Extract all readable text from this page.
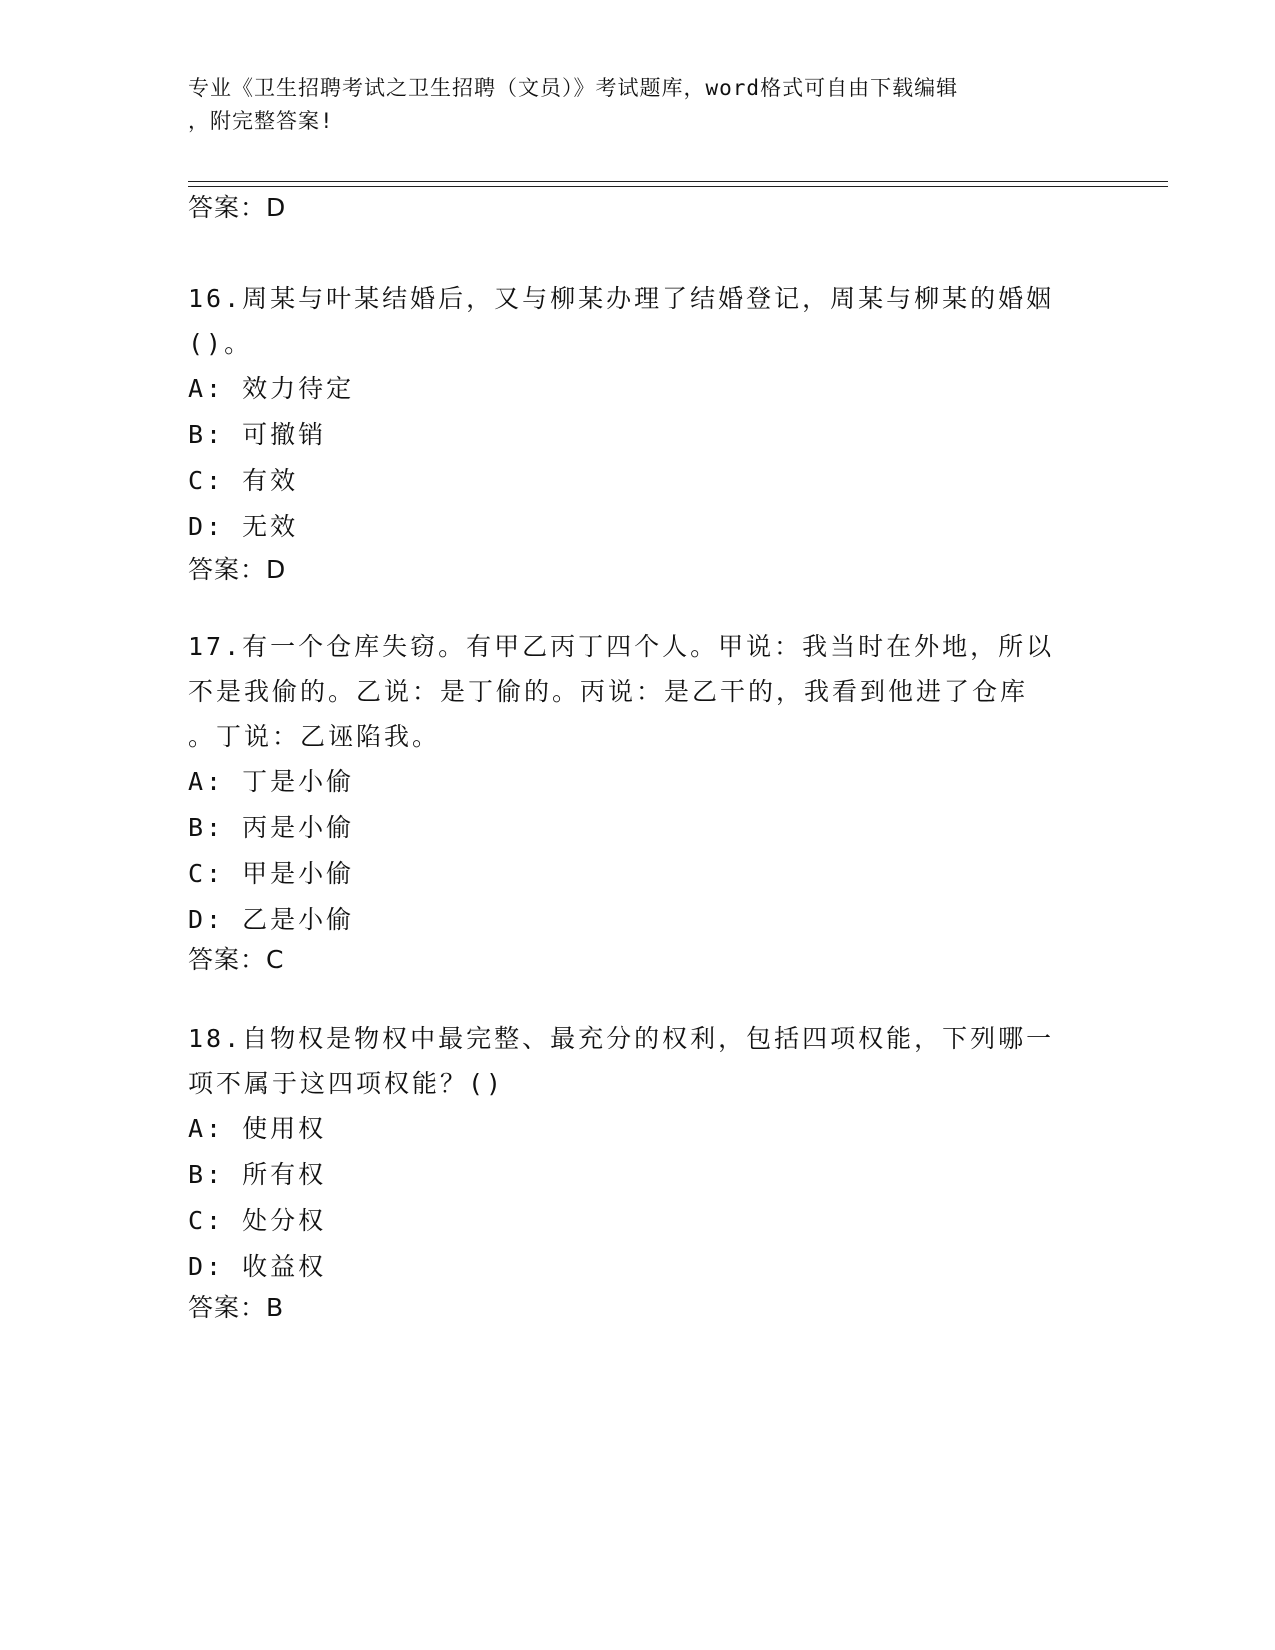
专业《卫生招聘考试之卫生招聘（文员）》考试题库，word格式可自由下载编辑
，附完整答案!
答案：D
16.周某与叶某结婚后，又与柳某办理了结婚登记，周某与柳某的婚姻
()。
A: 效力待定
B: 可撤销
C: 有效
D: 无效
答案：D
17.有一个仓库失窃。有甲乙丙丁四个人。甲说：我当时在外地，所以
不是我偷的。乙说：是丁偷的。丙说：是乙干的，我看到他进了仓库
。丁说：乙诬陷我。
A: 丁是小偷
B: 丙是小偷
C: 甲是小偷
D: 乙是小偷
答案：C
18.自物权是物权中最完整、最充分的权利，包括四项权能，下列哪一
项不属于这四项权能？()
A: 使用权
B: 所有权
C: 处分权
D: 收益权
答案：B
